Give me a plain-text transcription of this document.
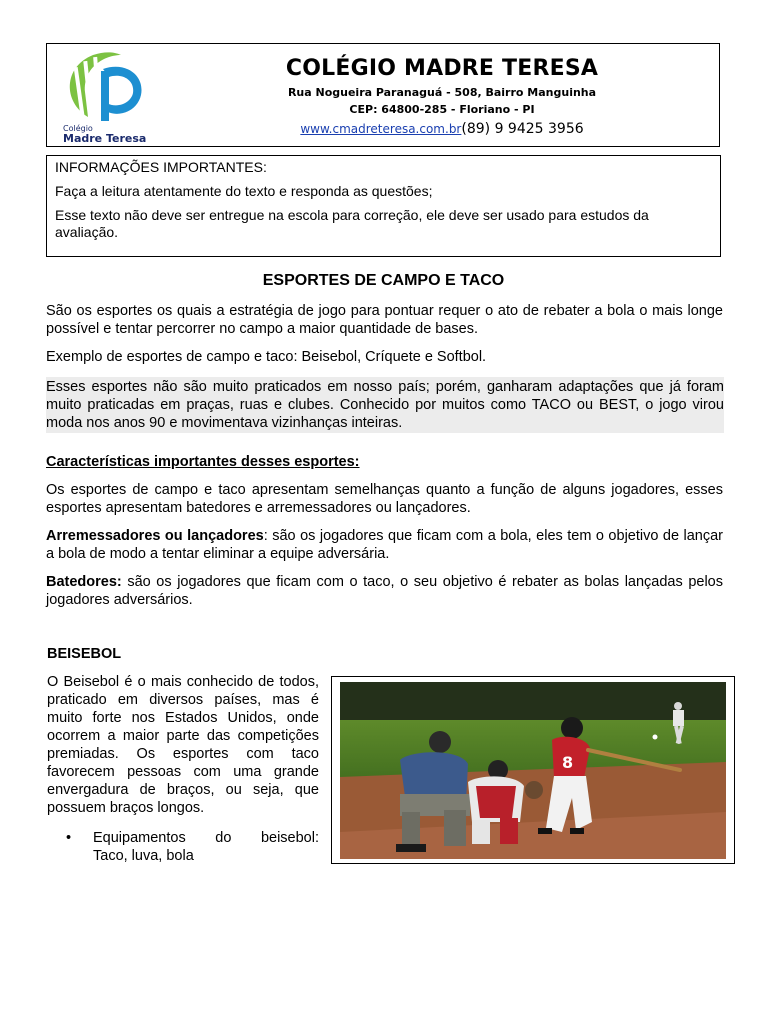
Colégio
Madre Teresa
COLÉGIO MADRE TERESA
Rua Nogueira Paranaguá - 508, Bairro Manguinha
CEP: 64800-285 - Floriano - PI
www.cmadreteresa.com.br(89) 9 9425 3956

INFORMAÇÕES IMPORTANTES:

Faça a leitura atentamente do texto e responda as questões;

Esse texto não deve ser entregue na escola para correção, ele deve ser usado para estudos da avaliação.

ESPORTES DE CAMPO E TACO

São os esportes os quais a estratégia de jogo para pontuar requer o ato de rebater a bola o mais longe possível e tentar percorrer no campo a maior quantidade de bases.

Exemplo de esportes de campo e taco: Beisebol, Críquete e Softbol.

Esses esportes não são muito praticados em nosso país; porém, ganharam adaptações que já foram muito praticadas em praças, ruas e clubes. Conhecido por muitos como TACO ou BEST, o jogo virou moda nos anos 90 e movimentava vizinhanças inteiras.

Características importantes desses esportes:

Os esportes de campo e taco apresentam semelhanças quanto a função de alguns jogadores, esses esportes apresentam batedores e arremessadores ou lançadores.

Arremessadores ou lançadores: são os jogadores que ficam com a bola, eles tem o objetivo de lançar a bola de modo a tentar eliminar a equipe adversária.

Batedores: são os jogadores que ficam com o taco, o seu objetivo é rebater as bolas lançadas pelos jogadores adversários.

BEISEBOL

O Beisebol é o mais conhecido de todos, praticado em diversos países, mas é muito forte nos Estados Unidos, onde ocorrem a maior parte das competições premiadas. Os esportes com taco favorecem pessoas com uma grande envergadura de braços, ou seja, que possuem braços longos.

• Equipamentos do beisebol:
Taco, luva, bola
8
